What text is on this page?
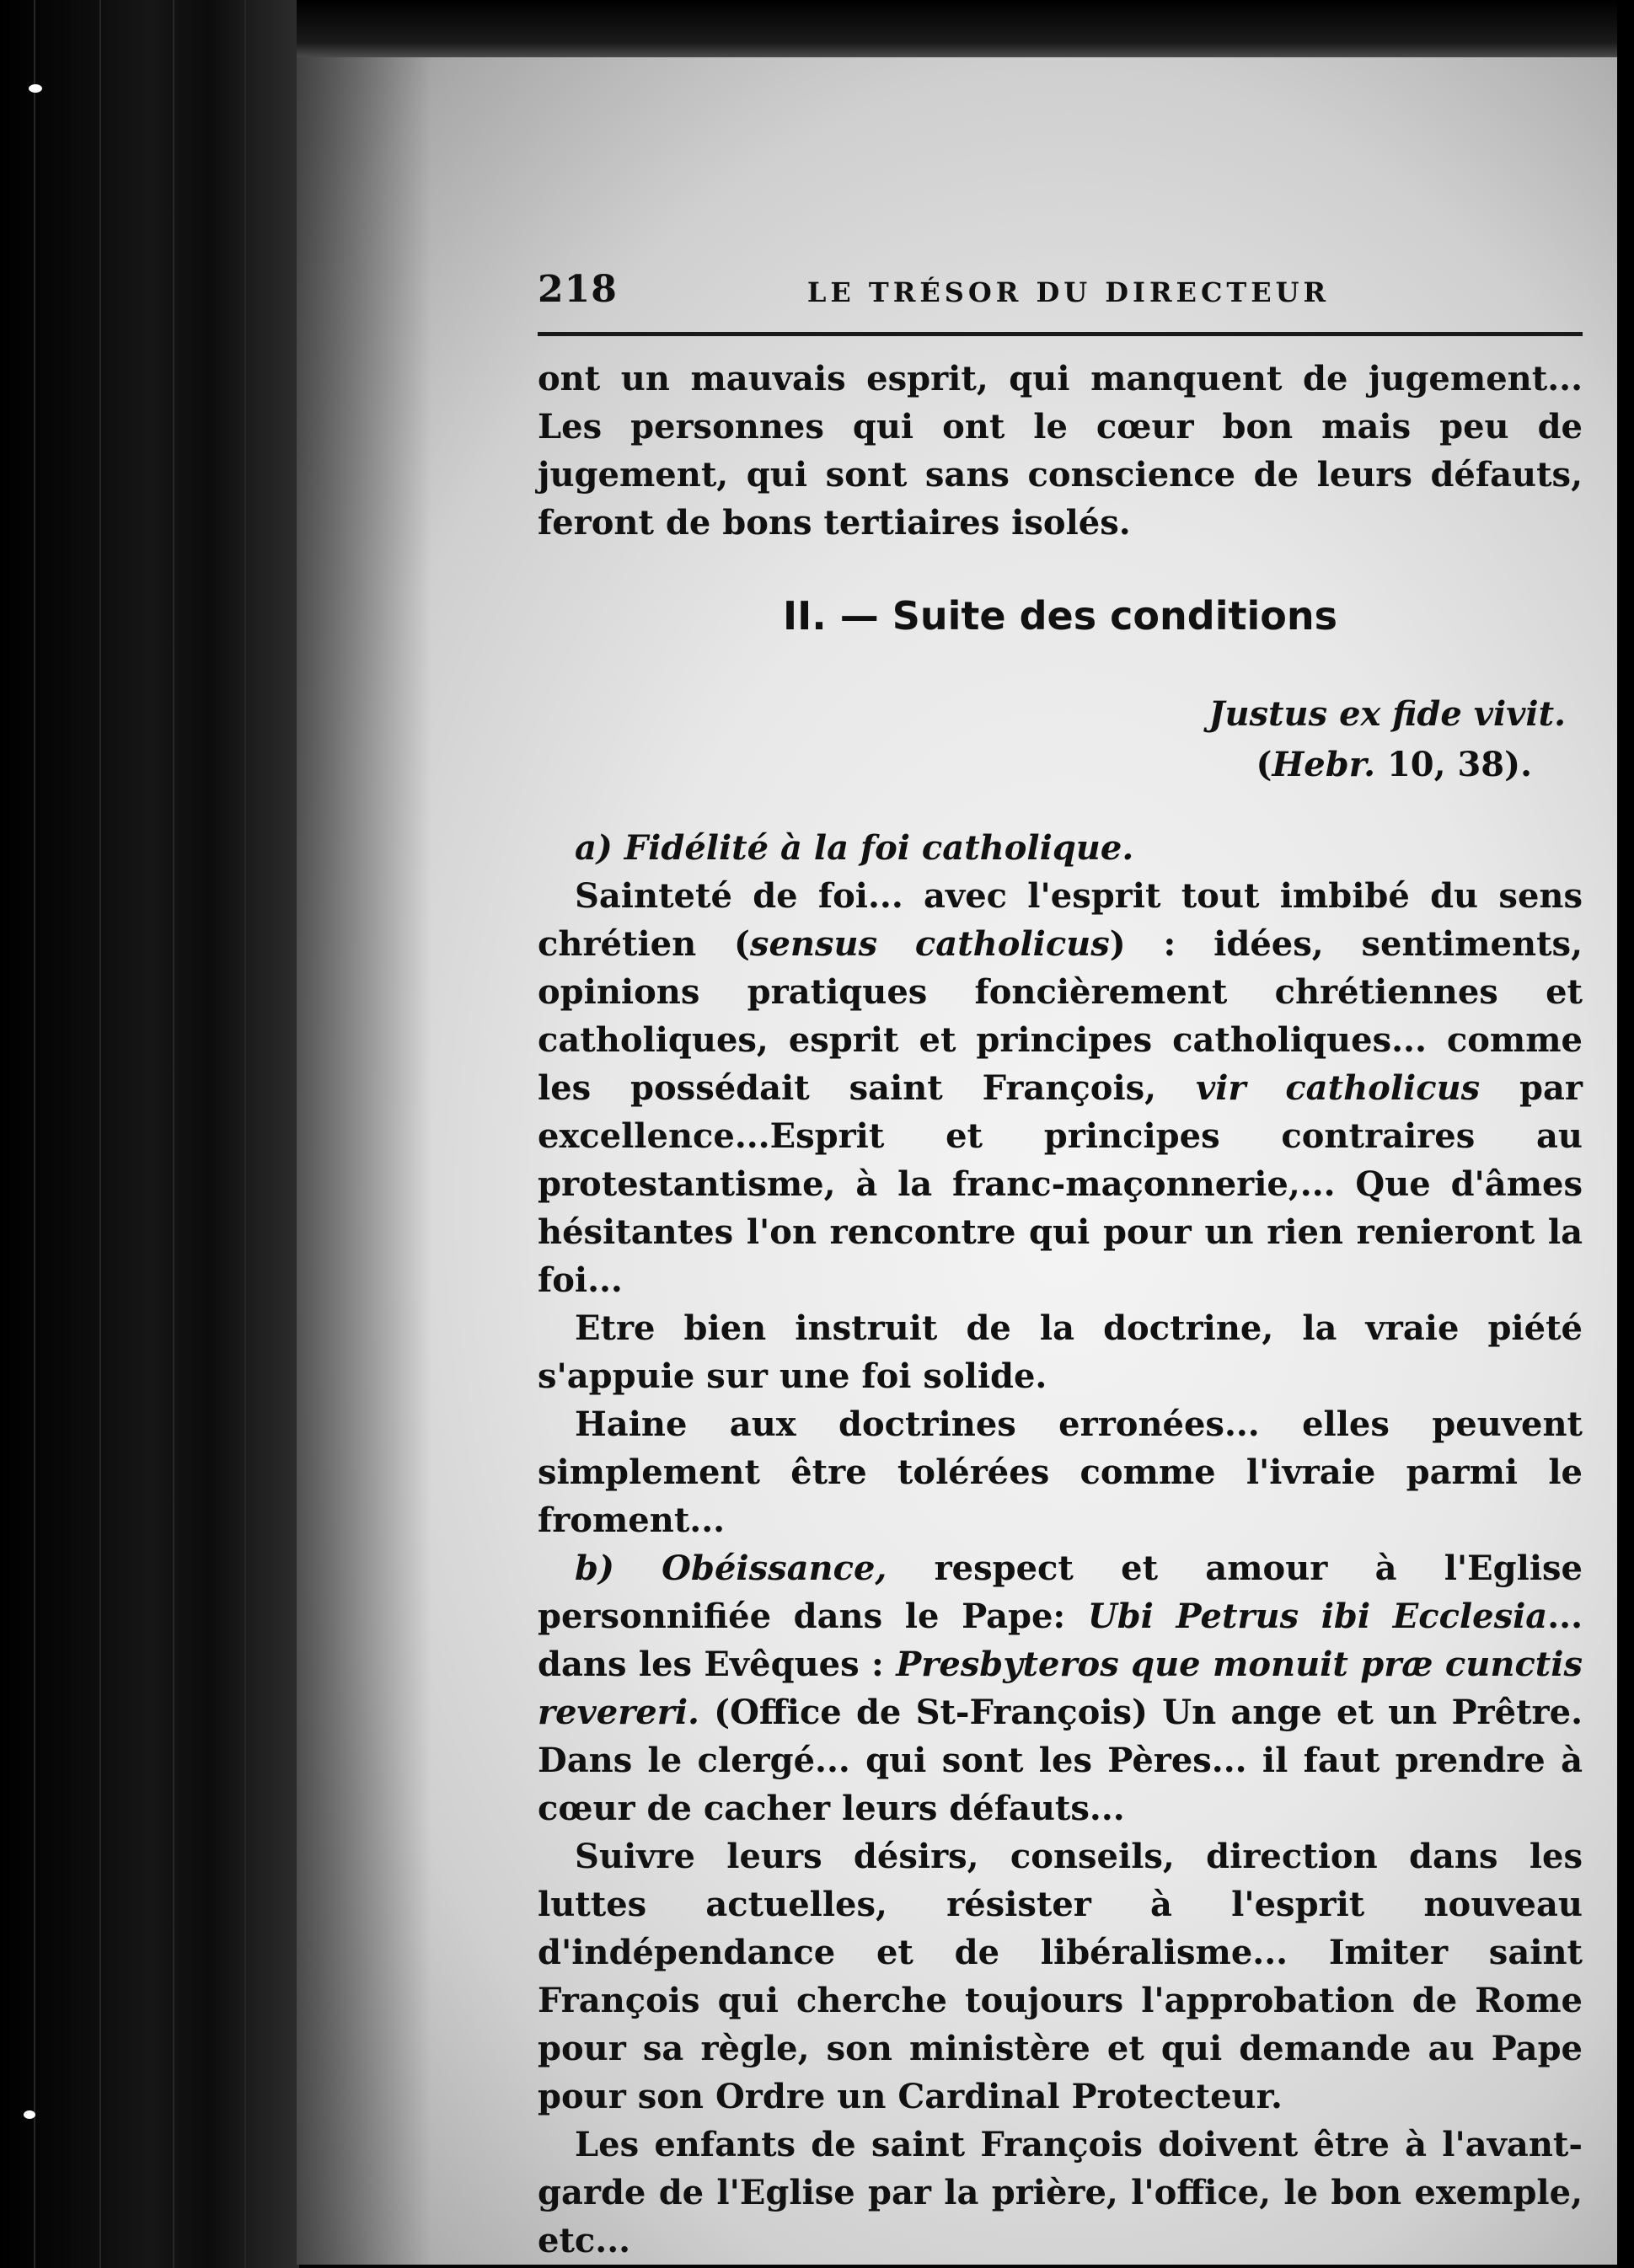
218	LE TRÉSOR DU DIRECTEUR

ont un mauvais esprit, qui manquent de jugement... Les personnes qui ont le cœur bon mais peu de jugement, qui sont sans conscience de leurs défauts, feront de bons tertiaires isolés.

II. — Suite des conditions
Justus ex fide vivit.
(Hebr. 10, 38).

a) Fidélité à la foi catholique.

Sainteté de foi... avec l'esprit tout imbibé du sens chrétien (sensus catholicus) : idées, sentiments, opinions pratiques foncièrement chrétiennes et catholiques, esprit et principes catholiques... comme les possédait saint François, vir catholicus par excellence...Esprit et principes contraires au protestantisme, à la franc-maçonnerie,... Que d'âmes hésitantes l'on rencontre qui pour un rien renieront la foi...

Etre bien instruit de la doctrine, la vraie piété s'appuie sur une foi solide.

Haine aux doctrines erronées... elles peuvent simplement être tolérées comme l'ivraie parmi le froment...

b) Obéissance, respect et amour à l'Eglise personnifiée dans le Pape: Ubi Petrus ibi Ecclesia... dans les Evêques : Presbyteros que monuit præ cunctis revereri. (Office de St-François) Un ange et un Prêtre. Dans le clergé... qui sont les Pères... il faut prendre à cœur de cacher leurs défauts...

Suivre leurs désirs, conseils, direction dans les luttes actuelles, résister à l'esprit nouveau d'indépendance et de libéralisme... Imiter saint François qui cherche toujours l'approbation de Rome pour sa règle, son ministère et qui demande au Pape pour son Ordre un Cardinal Protecteur.

Les enfants de saint François doivent être à l'avant-garde de l'Eglise par la prière, l'office, le bon exemple, etc...
